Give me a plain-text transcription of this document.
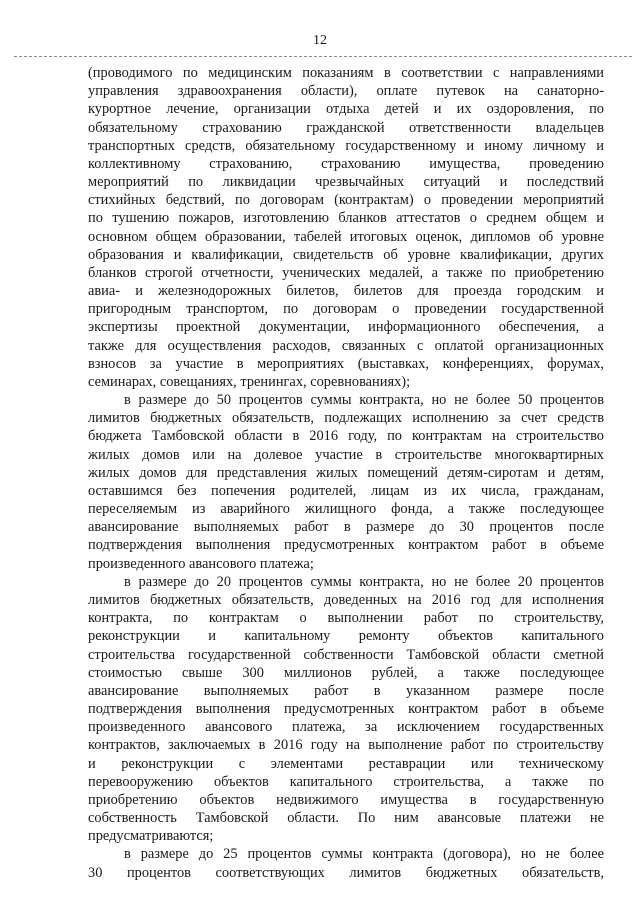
12
(проводимого по медицинским показаниям в соответствии с направлениями
управления здравоохранения области), оплате путевок на санаторно-
курортное лечение, организации отдыха детей и их оздоровления, по
обязательному страхованию гражданской ответственности владельцев
транспортных средств, обязательному государственному и иному личному и
коллективному страхованию, страхованию имущества, проведению
мероприятий по ликвидации чрезвычайных ситуаций и последствий
стихийных бедствий, по договорам (контрактам) о проведении мероприятий
по тушению пожаров, изготовлению бланков аттестатов о среднем общем и
основном общем образовании, табелей итоговых оценок, дипломов об уровне
образования и квалификации, свидетельств об уровне квалификации, других
бланков строгой отчетности, ученических медалей, а также по приобретению
авиа- и железнодорожных билетов, билетов для проезда городским и
пригородным транспортом, по договорам о проведении государственной
экспертизы проектной документации, информационного обеспечения, а
также для осуществления расходов, связанных с оплатой организационных
взносов за участие в мероприятиях (выставках, конференциях, форумах,
семинарах, совещаниях, тренингах, соревнованиях);
в размере до 50 процентов суммы контракта, но не более 50 процентов
лимитов бюджетных обязательств, подлежащих исполнению за счет средств
бюджета Тамбовской области в 2016 году, по контрактам на строительство
жилых домов или на долевое участие в строительстве многоквартирных
жилых домов для представления жилых помещений детям-сиротам и детям,
оставшимся без попечения родителей, лицам из их числа, гражданам,
переселяемым из аварийного жилищного фонда, а также последующее
авансирование выполняемых работ в размере до 30 процентов после
подтверждения выполнения предусмотренных контрактом работ в объеме
произведенного авансового платежа;
в размере до 20 процентов суммы контракта, но не более 20 процентов
лимитов бюджетных обязательств, доведенных на 2016 год для исполнения
контракта, по контрактам о выполнении работ по строительству,
реконструкции и капитальному ремонту объектов капитального
строительства государственной собственности Тамбовской области сметной
стоимостью свыше 300 миллионов рублей, а также последующее
авансирование выполняемых работ в указанном размере после
подтверждения выполнения предусмотренных контрактом работ в объеме
произведенного авансового платежа, за исключением государственных
контрактов, заключаемых в 2016 году на выполнение работ по строительству
и реконструкции с элементами реставрации или техническому
перевооружению объектов капитального строительства, а также по
приобретению объектов недвижимого имущества в государственную
собственность Тамбовской области. По ним авансовые платежи не
предусматриваются;
в размере до 25 процентов суммы контракта (договора), но не более
30 процентов соответствующих лимитов бюджетных обязательств,
